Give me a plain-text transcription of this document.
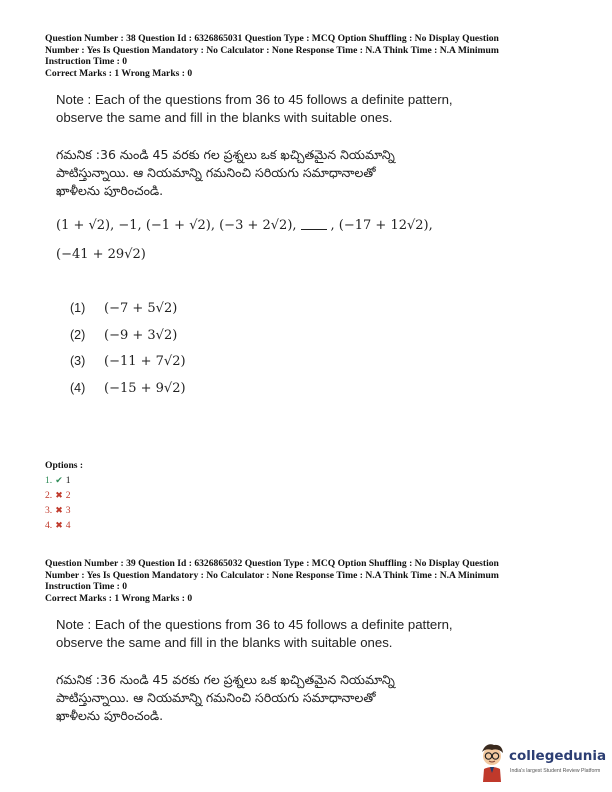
Question Number : 38 Question Id : 6326865031 Question Type : MCQ Option Shuffling : No Display Question
Number : Yes Is Question Mandatory : No Calculator : None Response Time : N.A Think Time : N.A Minimum
Instruction Time : 0
Correct Marks : 1 Wrong Marks : 0
Note : Each of the questions from 36 to 45 follows a definite pattern,
observe the same and fill in the blanks with suitable ones.
గమనిక :36 నుండి 45 వరకు గల ప్రశ్నలు ఒక ఖచ్చితమైన నియమాన్ని
పాటిస్తున్నాయి. ఆ నియమాన్ని గమనించి సరియగు సమాధానాలతో
ఖాళీలను పూరించండి.
(1 + √2), −1, (−1 + √2), (−3 + 2√2),	, (−17 + 12√2),
(−41 + 29√2)
(1) (−7 + 5√2)
(2) (−9 + 3√2)
(3) (−11 + 7√2)
(4) (−15 + 9√2)
Options :
1. ✔ 1
2. ✖ 2
3. ✖ 3
4. ✖ 4
Question Number : 39 Question Id : 6326865032 Question Type : MCQ Option Shuffling : No Display Question
Number : Yes Is Question Mandatory : No Calculator : None Response Time : N.A Think Time : N.A Minimum
Instruction Time : 0
Correct Marks : 1 Wrong Marks : 0
Note : Each of the questions from 36 to 45 follows a definite pattern,
observe the same and fill in the blanks with suitable ones.
గమనిక :36 నుండి 45 వరకు గల ప్రశ్నలు ఒక ఖచ్చితమైన నియమాన్ని
పాటిస్తున్నాయి. ఆ నియమాన్ని గమనించి సరియగు సమాధానాలతో
ఖాళీలను పూరించండి.
collegedunia
India's largest Student Review Platform
